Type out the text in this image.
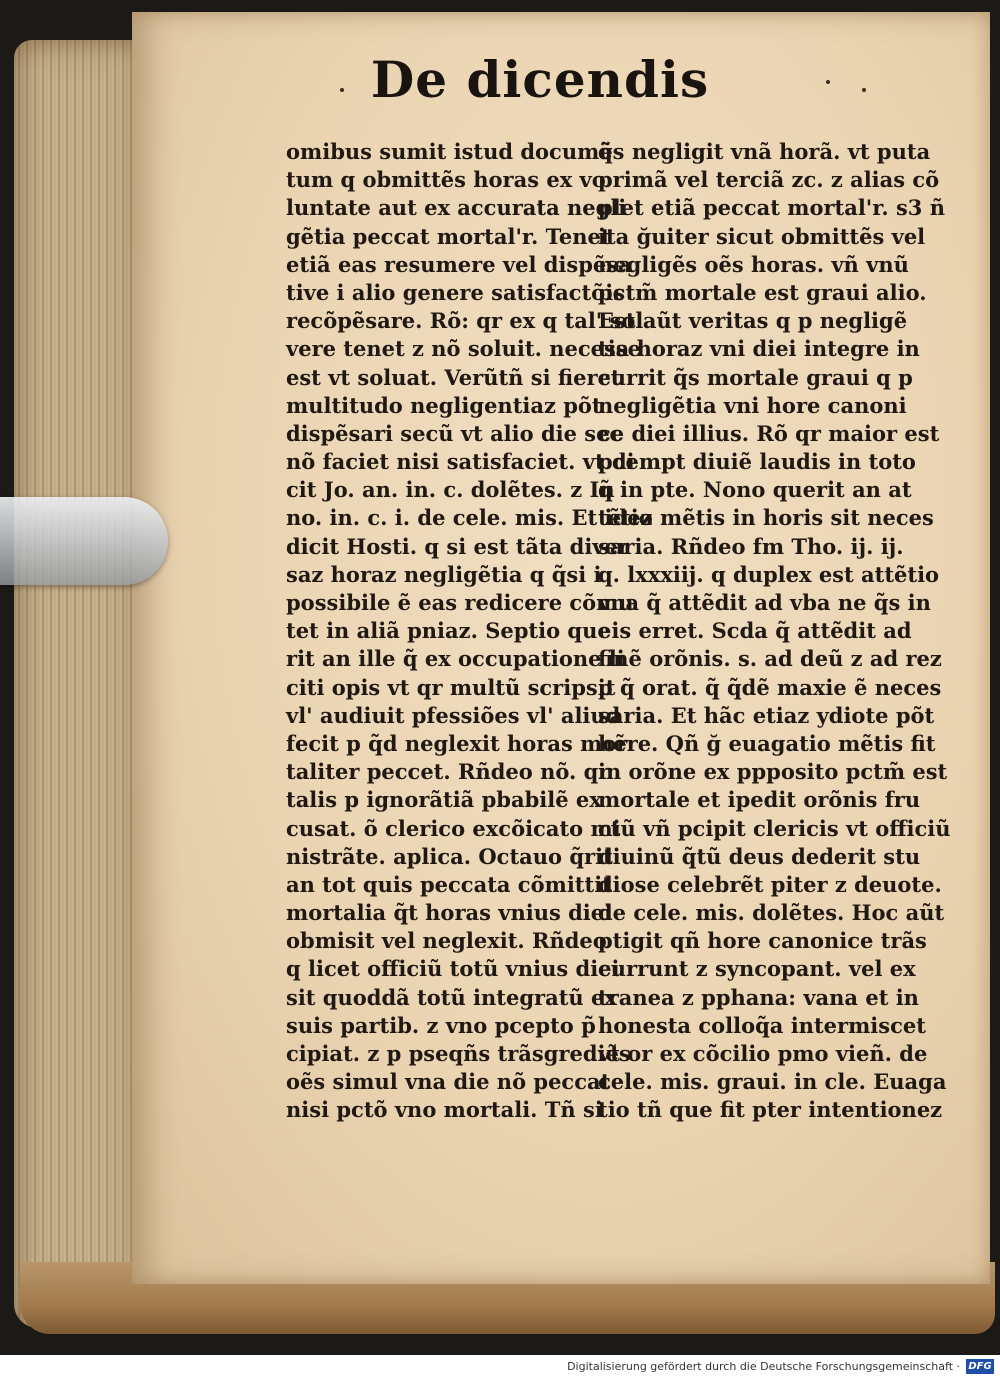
De dicendis
omibus sumit istud documẽ
tum q obmittẽs horas ex vo
luntate aut ex accurata negli
gẽtia peccat mortal'r. Tenet
etiã eas resumere vel dispẽsa
tive i alio genere satisfactõis
recõpẽsare. Rõ: qr ex q tal' sol
vere tenet z nõ soluit. necesse
est vt soluat. Verũtñ si fieret
multitudo negligentiaz põt
dispẽsari secũ vt alio die sec
nõ faciet nisi satisfaciet. vt di
cit Jo. an. in. c. dolẽtes. z In
no. in. c. i. de cele. mis. Et idez
dicit Hosti. q si est tãta diver
saz horaz negligẽtia q q̃si i
possibile ẽ eas redicere cõmu
tet in aliã pniaz. Septio que
rit an ille q̃ ex occupatione li
citi opis vt qr multũ scripsit
vl' audiuit pfessiões vl' aliud
fecit p q̃d neglexit horas mor
taliter peccet. Rñdeo nõ. qr
talis p ignorãtiã pbabilẽ ex
cusat. õ clerico excõicato mi
nistrãte. aplica. Octauo q̃rit
an tot quis peccata cõmittit
mortalia q̃t horas vnius diei
obmisit vel neglexit. Rñdeo
q licet officiũ totũ vnius diei
sit quoddã totũ integratũ ex
suis partib. z vno pcepto p̃
cipiat. z p pseqñs trãsgrediẽs
oẽs simul vna die nõ peccat
nisi pctõ vno mortali. Tñ si
q̃s negligit vnã horã. vt puta
primã vel terciã zc. z alias cõ
plet etiã peccat mortal'r. s3 ñ
ita ğuiter sicut obmittẽs vel
negligẽs oẽs horas. vñ vnũ
pctm̃ mortale est graui alio.
Est aũt veritas q p negligẽ
tia horaz vni diei integre in
currit q̃s mortale graui q p
negligẽtia vni hore canoni
ce diei illius. Rõ qr maior est
pcempt diuiẽ laudis in toto
q̃ in pte. Nono querit an at
tẽtio mẽtis in horis sit neces
saria. Rñdeo fm Tho. ij. ij.
q. lxxxiij. q duplex est attẽtio
vna q̃ attẽdit ad vba ne q̃s in
eis erret. Scda q̃ attẽdit ad
finẽ orõnis. s. ad deũ z ad rez
p q̃ orat. q̃ q̃dẽ maxie ẽ neces
saria. Et hãc etiaz ydiote põt
hẽre. Qñ ğ euagatio mẽtis fit
in orõne ex ppposito pctm̃ est
mortale et ipedit orõnis fru
ctũ vñ pcipit clericis vt officiũ
diuinũ q̃tũ deus dederit stu
diose celebrẽt piter z deuote.
de cele. mis. dolẽtes. Hoc aũt
ptigit qñ hore canonice trãs
currunt z syncopant. vel ex
tranea z pphana: vana et in
honesta colloq̃a intermiscet
vt or ex cõcilio pmo vieñ. de
cele. mis. graui. in cle. Euaga
tio tñ que fit pter intentionez
Digitalisierung gefördert durch die Deutsche Forschungsgemeinschaft · DFG
